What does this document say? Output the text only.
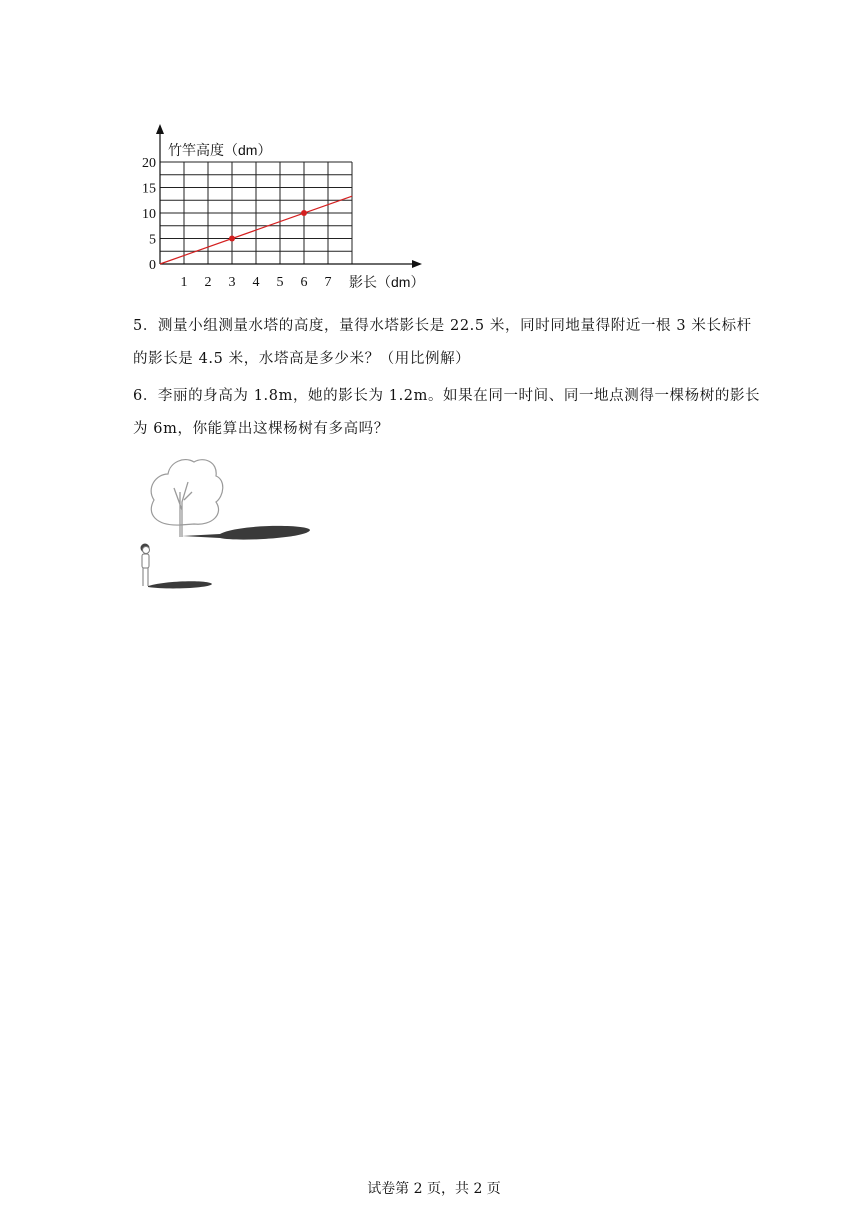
0
5
10
15
20
1 2 3 4 5 6 7
竹竿高度（dm）
影长（dm）
5．测量小组测量水塔的高度，量得水塔影长是 22.5 米，同时同地量得附近一根 3 米长标杆
的影长是 4.5 米，水塔高是多少米？（用比例解）
6．李丽的身高为 1.8m，她的影长为 1.2m。如果在同一时间、同一地点测得一棵杨树的影长
为 6m，你能算出这棵杨树有多高吗？
试卷第 2 页，共 2 页
